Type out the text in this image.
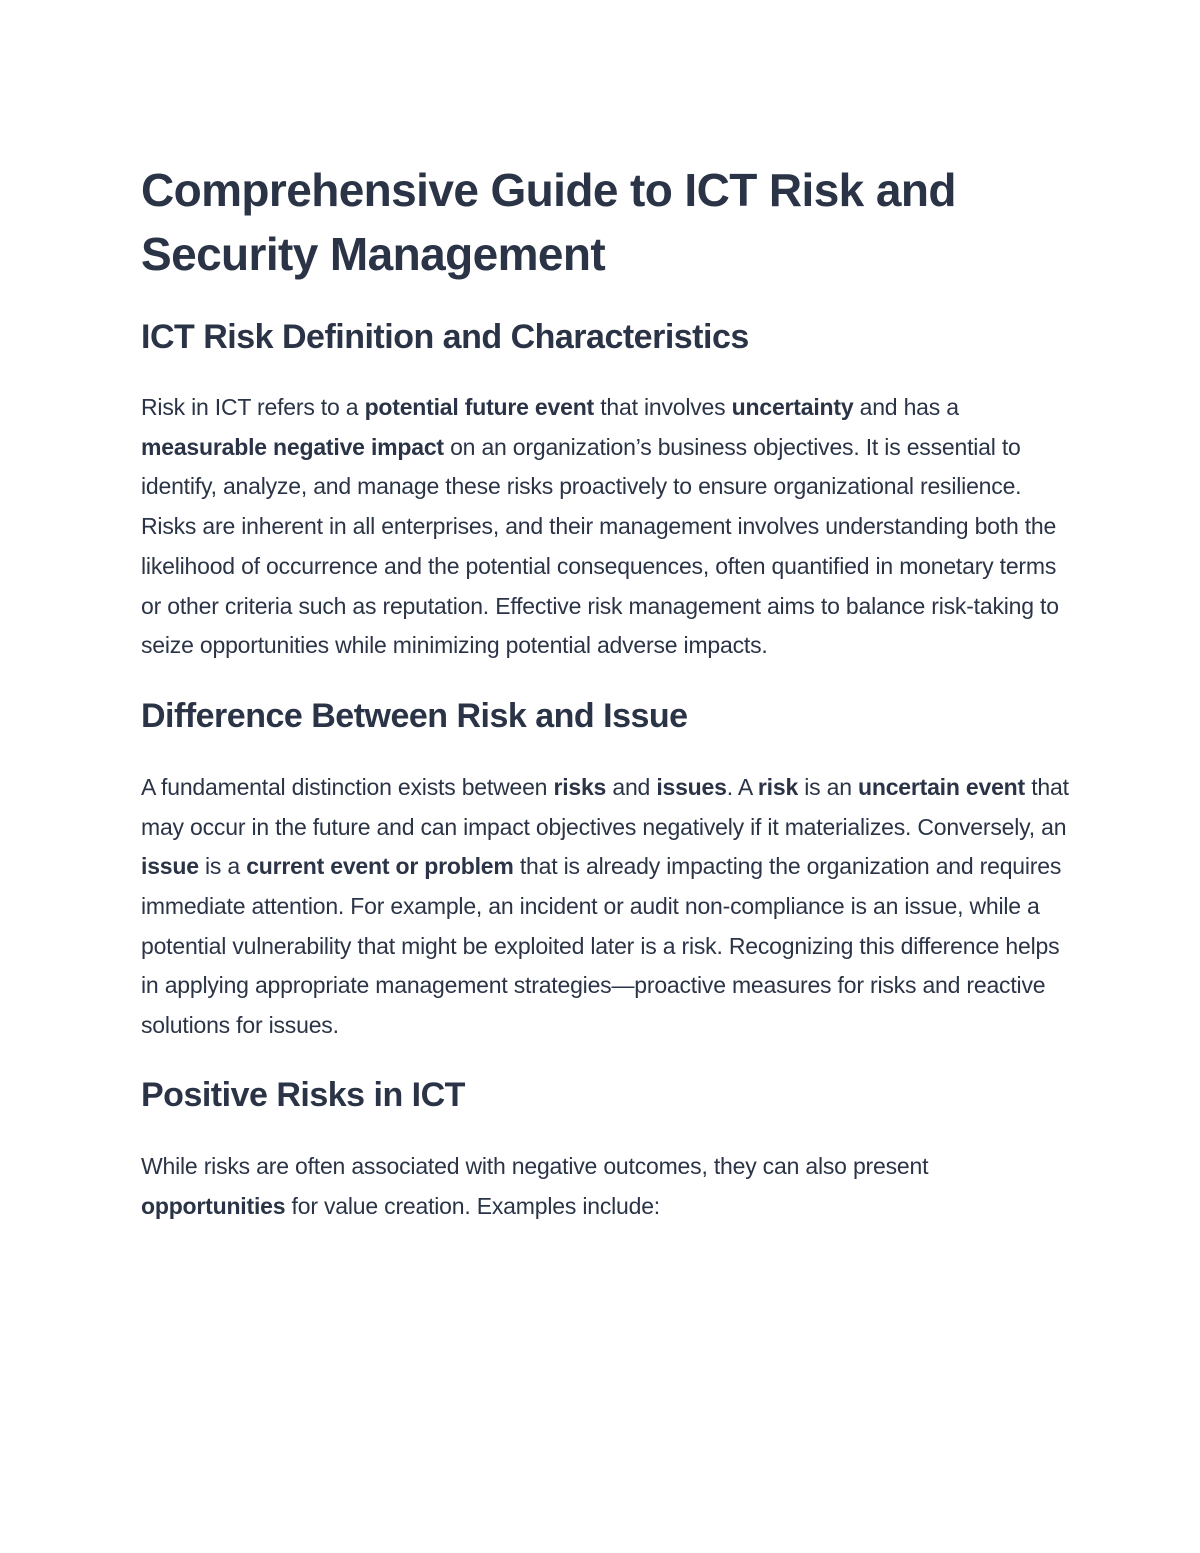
Comprehensive Guide to ICT Risk and Security Management
ICT Risk Definition and Characteristics

Risk in ICT refers to a potential future event that involves uncertainty and has a measurable negative impact on an organization’s business objectives. It is essential to identify, analyze, and manage these risks proactively to ensure organizational resilience. Risks are inherent in all enterprises, and their management involves understanding both the likelihood of occurrence and the potential consequences, often quantified in monetary terms or other criteria such as reputation. Effective risk management aims to balance risk-taking to seize opportunities while minimizing potential adverse impacts.

Difference Between Risk and Issue

A fundamental distinction exists between risks and issues. A risk is an uncertain event that may occur in the future and can impact objectives negatively if it materializes. Conversely, an issue is a current event or problem that is already impacting the organization and requires immediate attention. For example, an incident or audit non-compliance is an issue, while a potential vulnerability that might be exploited later is a risk. Recognizing this difference helps in applying appropriate management strategies—proactive measures for risks and reactive solutions for issues.

Positive Risks in ICT

While risks are often associated with negative outcomes, they can also present opportunities for value creation. Examples include:
